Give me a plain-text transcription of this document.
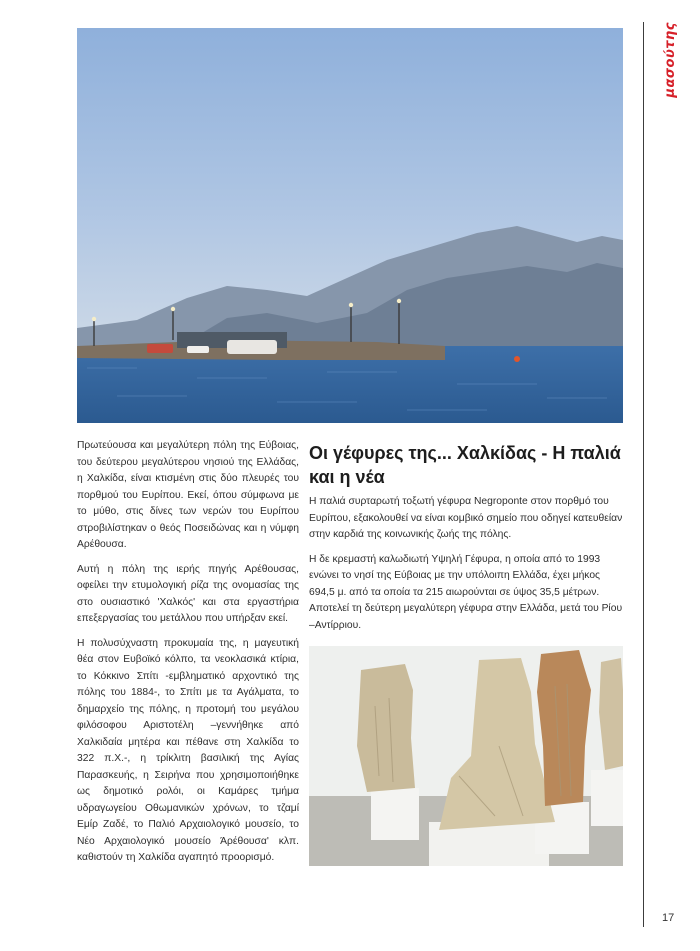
μασούτης
17

Πρωτεύουσα και μεγαλύτερη πόλη της Εύβοιας, του δεύτερου μεγαλύτερου νησιού της Ελλάδας, η Χαλκίδα, είναι κτισμένη στις δύο πλευρές του πορθμού του Ευρίπου. Εκεί, όπου σύμφωνα με το μύθο, στις δίνες των νερών του Ευρίπου στροβιλίστηκαν ο θεός Ποσειδώνας και η νύμφη Αρέθουσα.

Αυτή η πόλη της ιερής πηγής Αρέθουσας, οφείλει την ετυμολογική ρίζα της ονομασίας της στο ουσιαστικό 'Χαλκός' και στα εργαστήρια επεξεργασίας του μετάλλου που υπήρξαν εκεί.

Η πολυσύχναστη προκυμαία της, η μαγευτική θέα στον Ευβοϊκό κόλπο, τα νεοκλασικά κτίρια, το Κόκκινο Σπίτι -εμβληματικό αρχοντικό της πόλης του 1884-, το Σπίτι με τα Αγάλματα, το δημαρχείο της πόλης, η προτομή του μεγάλου φιλόσοφου Αριστοτέλη –γεννήθηκε από Χαλκιδαία μητέρα και πέθανε στη Χαλκίδα το 322 π.Χ.-, η τρίκλιτη βασιλική της Αγίας Παρασκευής, η Σειρήνα που χρησιμοποιήθηκε ως δημοτικό ρολόι, οι Καμάρες τμήμα υδραγωγείου Οθωμανικών χρόνων, το τζαμί Εμίρ Ζαδέ, το Παλιό Αρχαιολογικό μουσείο, το Νέο Αρχαιολογικό μουσείο Άρέθουσα' κλπ. καθιστούν τη Χαλκίδα αγαπητό προορισμό.

Οι γέφυρες της... Χαλκίδας - Η παλιά και η νέα

Η παλιά συρταρωτή τοξωτή γέφυρα Negroponte στον πορθμό του Ευρίπου, εξακολουθεί να είναι κομβικό σημείο που οδηγεί κατευθείαν στην καρδιά της κοινωνικής ζωής της πόλης.

Η δε κρεμαστή καλωδιωτή Υψηλή Γέφυρα, η οποία από το 1993 ενώνει το νησί της Εύβοιας με την υπόλοιπη Ελλάδα, έχει μήκος 694,5 μ. από τα οποία τα 215 αιωρούνται σε ύψος 35,5 μέτρων. Αποτελεί τη δεύτερη μεγαλύτερη γέφυρα στην Ελλάδα, μετά του Ρίου –Αντίρριου.
